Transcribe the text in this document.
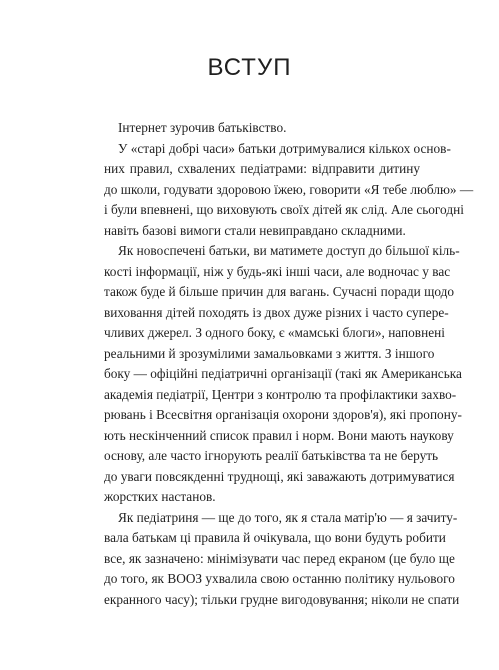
ВСТУП
Інтернет зурочив батьківство.
У «старі добрі часи» батьки дотримувалися кількох основ-
них правил, схвалених педіатрами: відправити дитину
до школи, годувати здоровою їжею, говорити «Я тебе люблю» —
і були впевнені, що виховують своїх дітей як слід. Але сьогодні
навіть базові вимоги стали невиправдано складними.
Як новоспечені батьки, ви матимете доступ до більшої кіль-
кості інформації, ніж у будь-які інші часи, але водночас у вас
також буде й більше причин для вагань. Сучасні поради щодо
виховання дітей походять із двох дуже різних і часто супере-
чливих джерел. З одного боку, є «мамські блоги», наповнені
реальними й зрозумілими замальовками з життя. З іншого
боку — офіційні педіатричні організації (такі як Американська
академія педіатрії, Центри з контролю та профілактики захво-
рювань і Всесвітня організація охорони здоров'я), які пропону-
ють нескінченний список правил і норм. Вони мають наукову
основу, але часто ігнорують реалії батьківства та не беруть
до уваги повсякденні труднощі, які заважають дотримуватися
жорстких настанов.
Як педіатриня — ще до того, як я стала матір'ю — я зачиту-
вала батькам ці правила й очікувала, що вони будуть робити
все, як зазначено: мінімізувати час перед екраном (це було ще
до того, як ВООЗ ухвалила свою останню політику нульового
екранного часу); тільки грудне вигодовування; ніколи не спати
